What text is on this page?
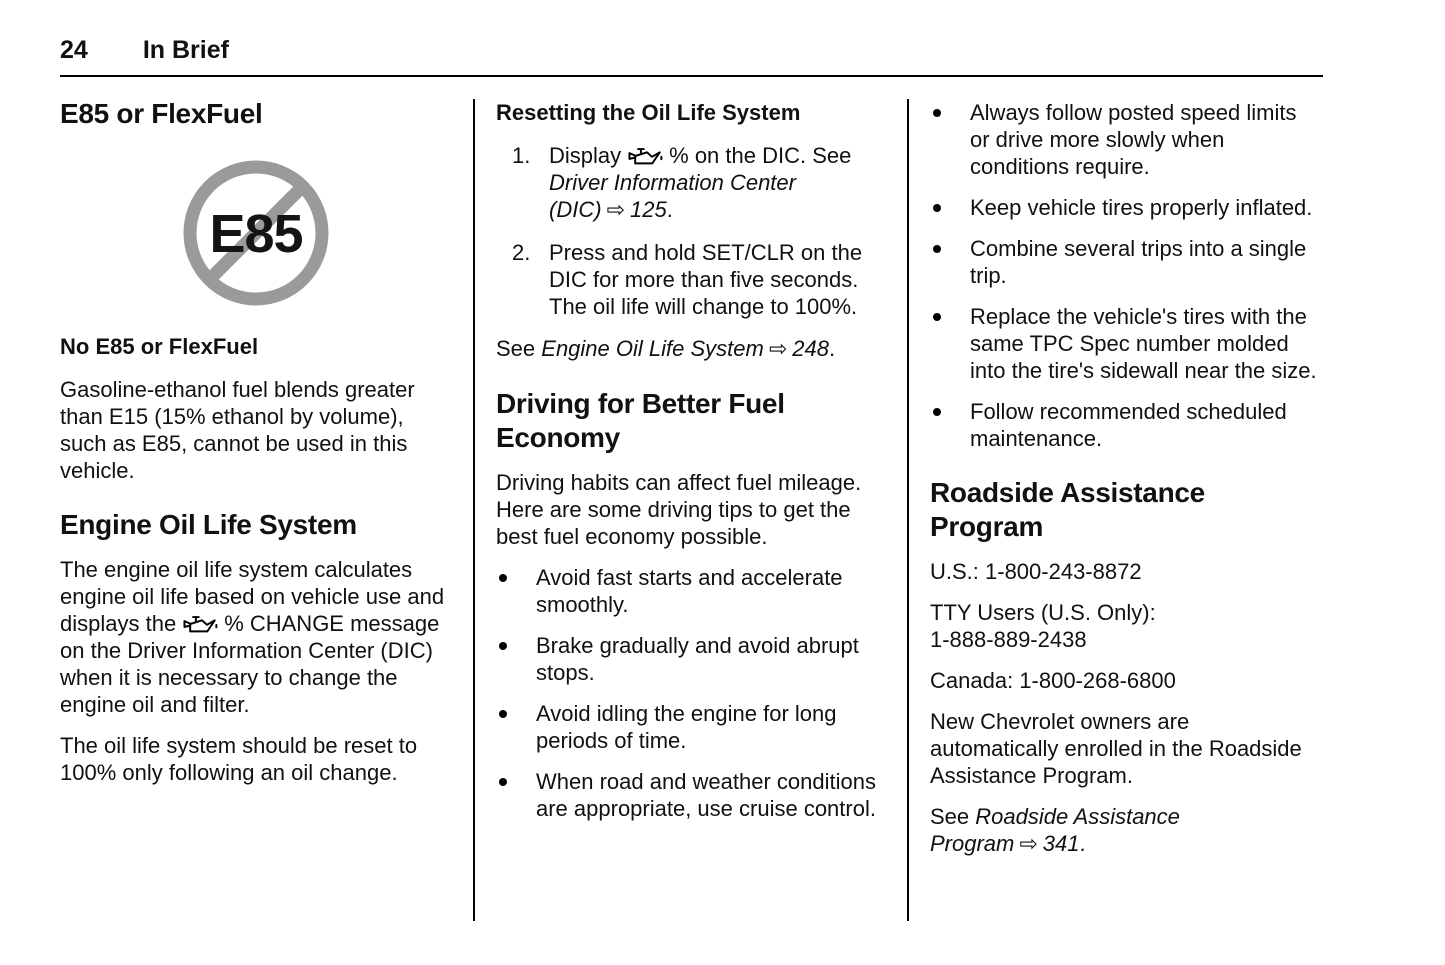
24 In Brief
E85 or FlexFuel
E85
No E85 or FlexFuel

Gasoline-ethanol fuel blends greater than E15 (15% ethanol by volume), such as E85, cannot be used in this vehicle.

Engine Oil Life System

The engine oil life system calculates engine oil life based on vehicle use and displays the % CHANGE message on the Driver Information Center (DIC) when it is necessary to change the engine oil and filter.

The oil life system should be reset to 100% only following an oil change.

Resetting the Oil Life System
1. Display % on the DIC. See Driver Information Center (DIC) ⇨ 125.
2. Press and hold SET/CLR on the DIC for more than five seconds. The oil life will change to 100%.

See Engine Oil Life System ⇨ 248.

Driving for Better Fuel Economy

Driving habits can affect fuel mileage. Here are some driving tips to get the best fuel economy possible.

Avoid fast starts and accelerate smoothly.
Brake gradually and avoid abrupt stops.
Avoid idling the engine for long periods of time.
When road and weather conditions are appropriate, use cruise control.
Always follow posted speed limits or drive more slowly when conditions require.
Keep vehicle tires properly inflated.
Combine several trips into a single trip.
Replace the vehicle's tires with the same TPC Spec number molded into the tire's sidewall near the size.
Follow recommended scheduled maintenance.
Roadside Assistance Program

U.S.: 1-800-243-8872

TTY Users (U.S. Only):
1-888-889-2438

Canada: 1-800-268-6800

New Chevrolet owners are automatically enrolled in the Roadside Assistance Program.

See Roadside Assistance Program ⇨ 341.
